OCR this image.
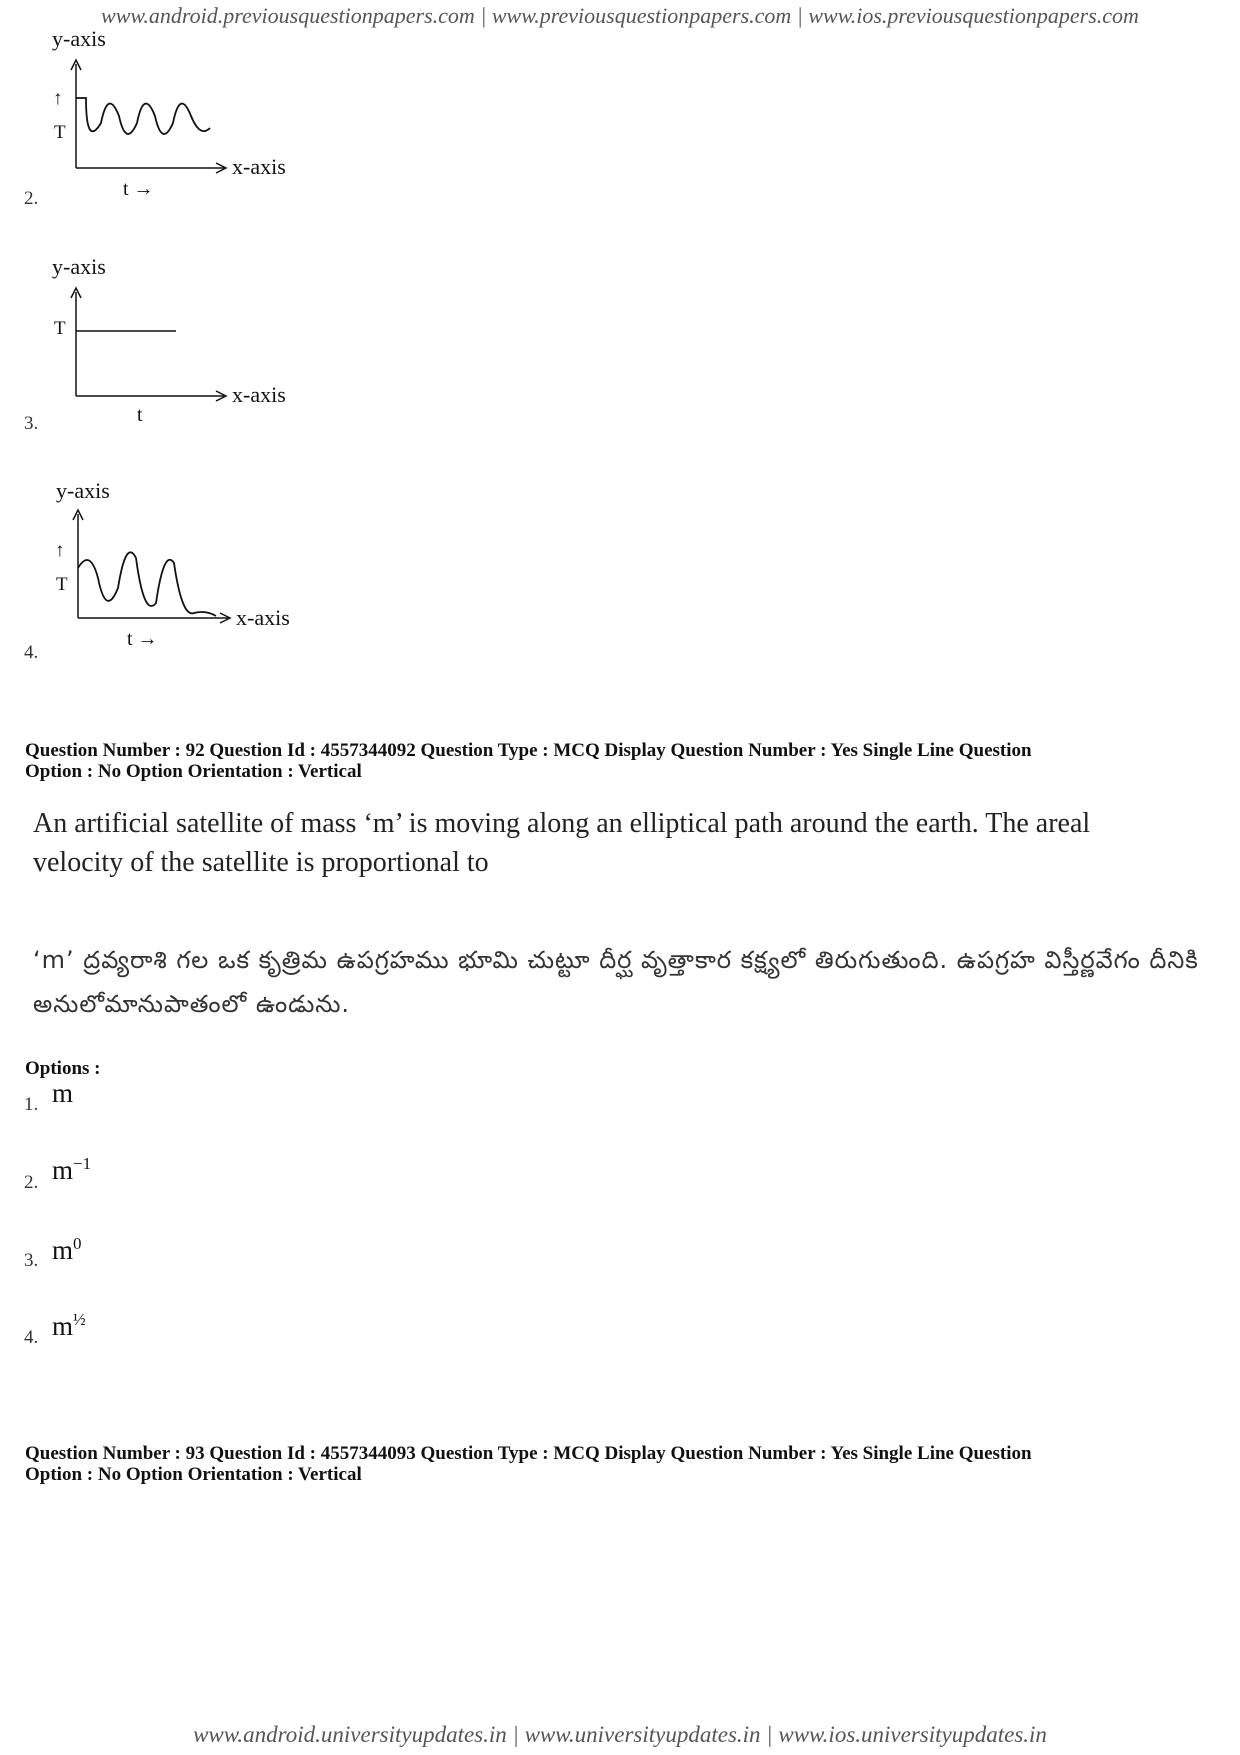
www.android.previousquestionpapers.com | www.previousquestionpapers.com | www.ios.previousquestionpapers.com
y-axis
↑
T
x-axis
t →
2.
y-axis
T
x-axis
t
3.
y-axis
↑
T
x-axis
t →
4.
Question Number : 92 Question Id : 4557344092 Question Type : MCQ Display Question Number : Yes Single Line Question
Option : No Option Orientation : Vertical
An artificial satellite of mass ‘m’ is moving along an elliptical path around the earth. The areal velocity of the satellite is proportional to
‘m’ ద్రవ్యరాశి గల ఒక కృత్రిమ ఉపగ్రహము భూమి చుట్టూ దీర్ఘ వృత్తాకార కక్ష్యలో తిరుగుతుంది. ఉపగ్రహ విస్తీర్ణవేగం దీనికి అనులోమానుపాతంలో ఉండును.
Options :
1. m
2. $m^{-1}$
3. $m^0$
4. $m^{\frac{1}{2}}$
Question Number : 93 Question Id : 4557344093 Question Type : MCQ Display Question Number : Yes Single Line Question
Option : No Option Orientation : Vertical
www.android.universityupdates.in | www.universityupdates.in | www.ios.universityupdates.in
